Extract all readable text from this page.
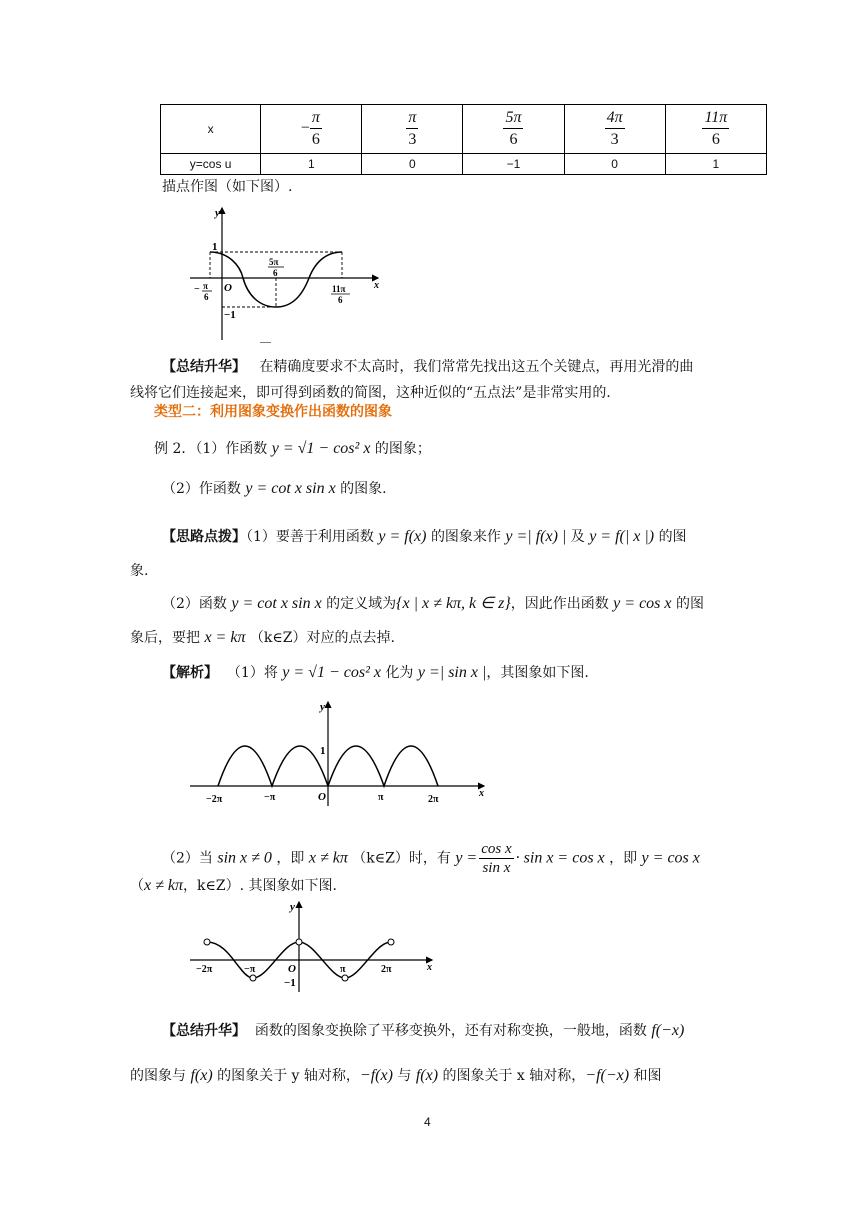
x	− $\frac{\pi}{6}$	$\frac{\pi}{3}$	$\frac{5\pi}{6}$	$\frac{4\pi}{3}$	$\frac{11\pi}{6}$

y=cos u	1	0	−1	0	1
描点作图（如下图）.
y
x
1
O
−1
− π
6
5π
6
11π
6
—
【总结升华】 在精确度要求不太高时，我们常常先找出这五个关键点，再用光滑的曲
线将它们连接起来，即可得到函数的简图，这种近似的“五点法”是非常实用的.
类型二：利用图象变换作出函数的图象
例 2．（1）作函数 y = √1 − cos² x 的图象；
（2）作函数 y = cot x sin x 的图象.
【思路点拨】（1）要善于利用函数 y = f(x) 的图象来作 y =| f(x) | 及 y = f(| x |) 的图
象.
（2）函数 y = cot x sin x 的定义域为{x | x ≠ kπ, k ∈ z}，因此作出函数 y = cos x 的图
象后，要把 x = kπ （k∈Z）对应的点去掉.
【解析】 （1）将 y = √1 − cos² x 化为 y =| sin x |，其图象如下图.
y
x
1
O
−2π	−π	π	2π
（2）当 sin x ≠ 0 ，即 x ≠ kπ （k∈Z）时，有 $y = \frac{\text{cos x}}{\text{sin x}} \cdot \sin x = \cos x$ ，即 y = cos x
（x ≠ kπ，k∈Z）. 其图象如下图.
y
x
O
−1
−2π	−π	π	2π
【总结升华】 函数的图象变换除了平移变换外，还有对称变换，一般地，函数 f(−x)
的图象与 f(x) 的图象关于 y 轴对称，−f(x) 与 f(x) 的图象关于 x 轴对称，−f(−x) 和图
4
